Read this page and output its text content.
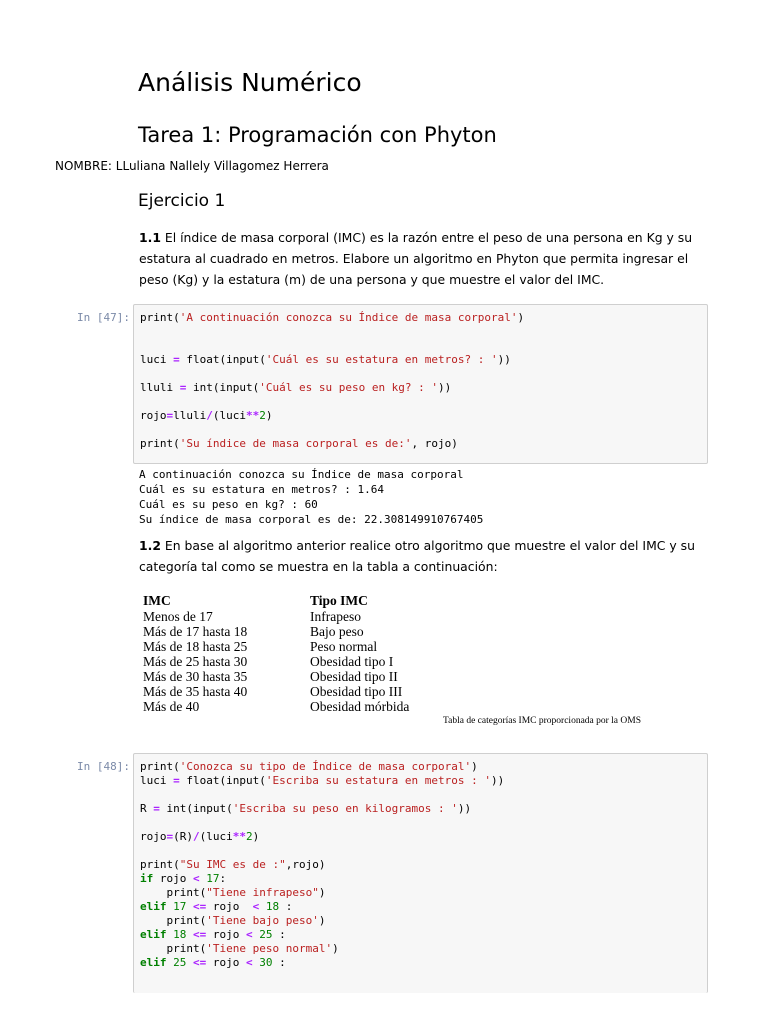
Análisis Numérico
Tarea 1: Programación con Phyton
NOMBRE: LLuliana Nallely Villagomez Herrera
Ejercicio 1
1.1 El índice de masa corporal (IMC) es la razón entre el peso de una persona en Kg y su
estatura al cuadrado en metros. Elabore un algoritmo en Phyton que permita ingresar el
peso (Kg) y la estatura (m) de una persona y que muestre el valor del IMC.
In [47]: print('A continuación conozca su Índice de masa corporal')
luci = float(input('Cuál es su estatura en metros? : '))
lluli = int(input('Cuál es su peso en kg? : '))
rojo=lluli/(luci**2)
print('Su índice de masa corporal es de:', rojo)
A continuación conozca su Índice de masa corporal
Cuál es su estatura en metros? : 1.64
Cuál es su peso en kg? : 60
Su índice de masa corporal es de: 22.308149910767405
1.2 En base al algoritmo anterior realice otro algoritmo que muestre el valor del IMC y su
categoría tal como se muestra en la tabla a continuación:
IMC	Tipo IMC
Menos de 17	Infrapeso
Más de 17 hasta 18	Bajo peso
Más de 18 hasta 25	Peso normal
Más de 25 hasta 30	Obesidad tipo I
Más de 30 hasta 35	Obesidad tipo II
Más de 35 hasta 40	Obesidad tipo III
Más de 40	Obesidad mórbida
Tabla de categorías IMC proporcionada por la OMS
In [48]: print('Conozca su tipo de Índice de masa corporal')
luci = float(input('Escriba su estatura en metros : '))
R = int(input('Escriba su peso en kilogramos : '))
rojo=(R)/(luci**2)
print("Su IMC es de :",rojo)
if rojo < 17:
print("Tiene infrapeso")
elif 17 <= rojo  < 18 :
print('Tiene bajo peso')
elif 18 <= rojo < 25 :
print('Tiene peso normal')
elif 25 <= rojo < 30 :
